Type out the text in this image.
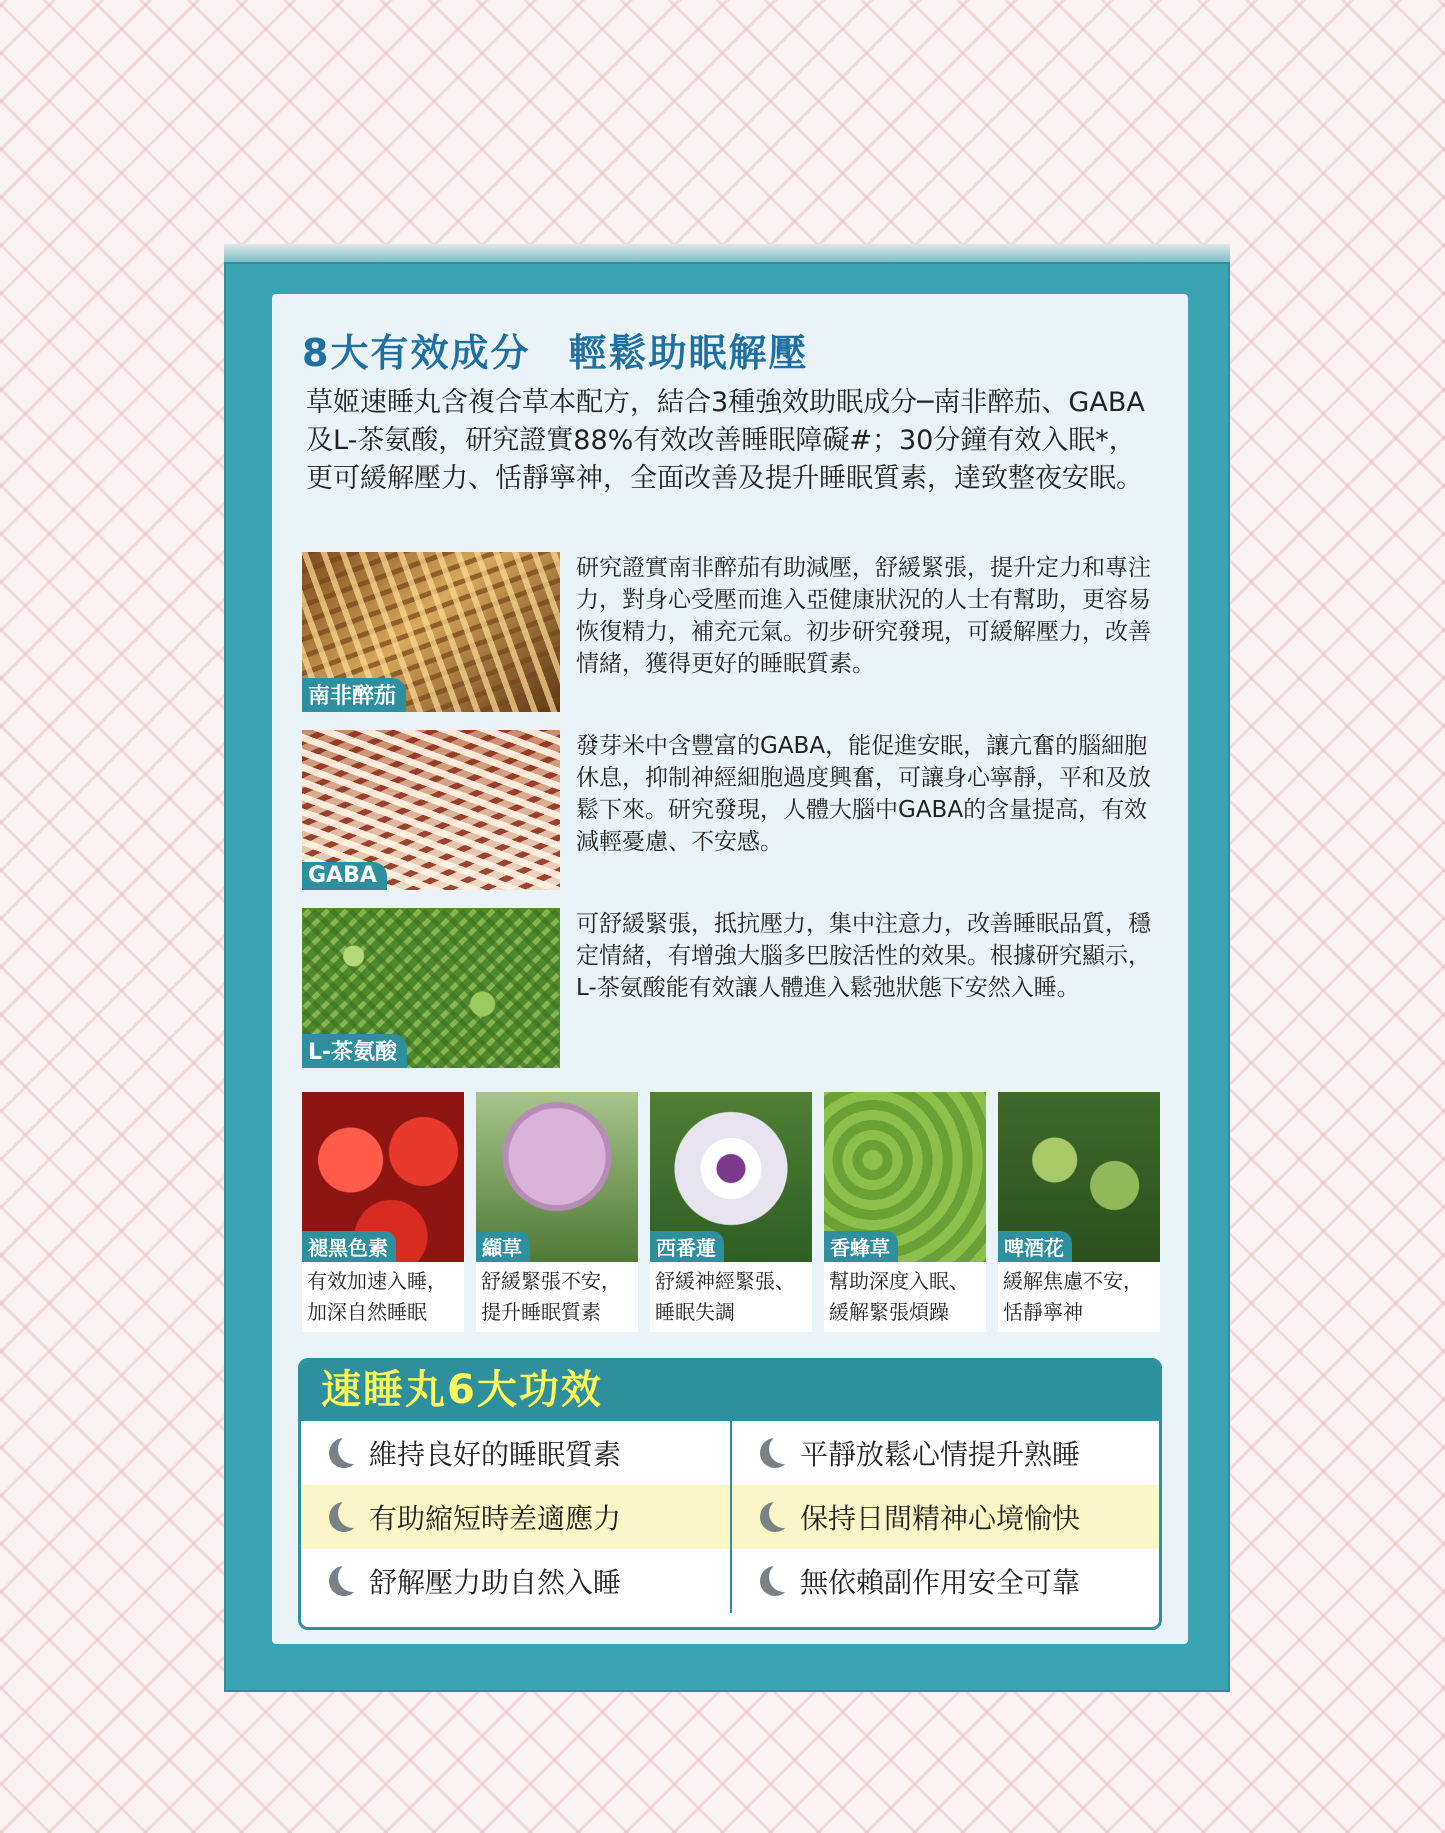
8大有效成分 輕鬆助眠解壓

草姬速睡丸含複合草本配方，結合3種強效助眠成分─南非醉茄、GABA及L-茶氨酸，研究證實88%有效改善睡眠障礙#；30分鐘有效入眠*，更可緩解壓力、恬靜寧神，全面改善及提升睡眠質素，達致整夜安眠。

南非醉茄

研究證實南非醉茄有助減壓，舒緩緊張，提升定力和專注力，對身心受壓而進入亞健康狀況的人士有幫助，更容易恢復精力，補充元氣。初步研究發現，可緩解壓力，改善情緒，獲得更好的睡眠質素。

GABA

發芽米中含豐富的GABA，能促進安眠，讓亢奮的腦細胞休息，抑制神經細胞過度興奮，可讓身心寧靜，平和及放鬆下來。研究發現，人體大腦中GABA的含量提高，有效減輕憂慮、不安感。

L-茶氨酸

可舒緩緊張，抵抗壓力，集中注意力，改善睡眠品質，穩定情緒，有增強大腦多巴胺活性的效果。根據研究顯示，L-茶氨酸能有效讓人體進入鬆弛狀態下安然入睡。

褪黑色素

有效加速入睡，
加深自然睡眠

纈草

舒緩緊張不安，
提升睡眠質素

西番蓮

舒緩神經緊張、
睡眠失調

香蜂草

幫助深度入眠、
緩解緊張煩躁

啤酒花

緩解焦慮不安，
恬靜寧神

速睡丸6大功效
維持良好的睡眠質素	平靜放鬆心情提升熟睡
有助縮短時差適應力	保持日間精神心境愉快
舒解壓力助自然入睡	無依賴副作用安全可靠
